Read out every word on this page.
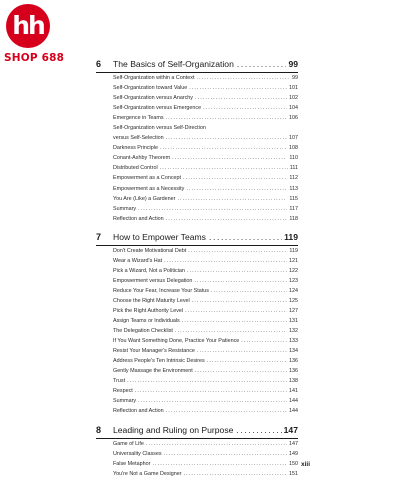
hh
SHOP 688	6	The Basics of Self-Organization .....	99
Self-Organization within a Context .....	99
Self-Organization toward Value .....	101
Self-Organization versus Anarchy .....	102
Self-Organization versus Emergence .....	104
Emergence in Teams .....	106
Self-Organization versus Self-Direction
versus Self-Selection .....	107
Darkness Principle .....	108
Conant-Ashby Theorem .....	110
Distributed Control .....	111
Empowerment as a Concept .....	112
Empowerment as a Necessity .....	113
You Are (Like) a Gardener .....	115
Summary .....	117
Reflection and Action .....	118
7	How to Empower Teams .....	119
Don't Create Motivational Debt .....	119
Wear a Wizard's Hat .....	121
Pick a Wizard, Not a Politician .....	122
Empowerment versus Delegation .....	123
Reduce Your Fear, Increase Your Status .....	124
Choose the Right Maturity Level .....	125
Pick the Right Authority Level .....	127
Assign Teams or Individuals .....	131
The Delegation Checklist .....	132
If You Want Something Done, Practice Your Patience .....	133
Resist Your Manager's Resistance .....	134
Address People's Ten Intrinsic Desires .....	136
Gently Massage the Environment .....	136
Trust .....	138
Respect .....	141
Summary .....	144
Reflection and Action .....	144
8	Leading and Ruling on Purpose .....	147
Game of Life .....	147
Universality Classes .....	149
False Metaphor .....	150
You're Not a Game Designer .....	151
xiii
